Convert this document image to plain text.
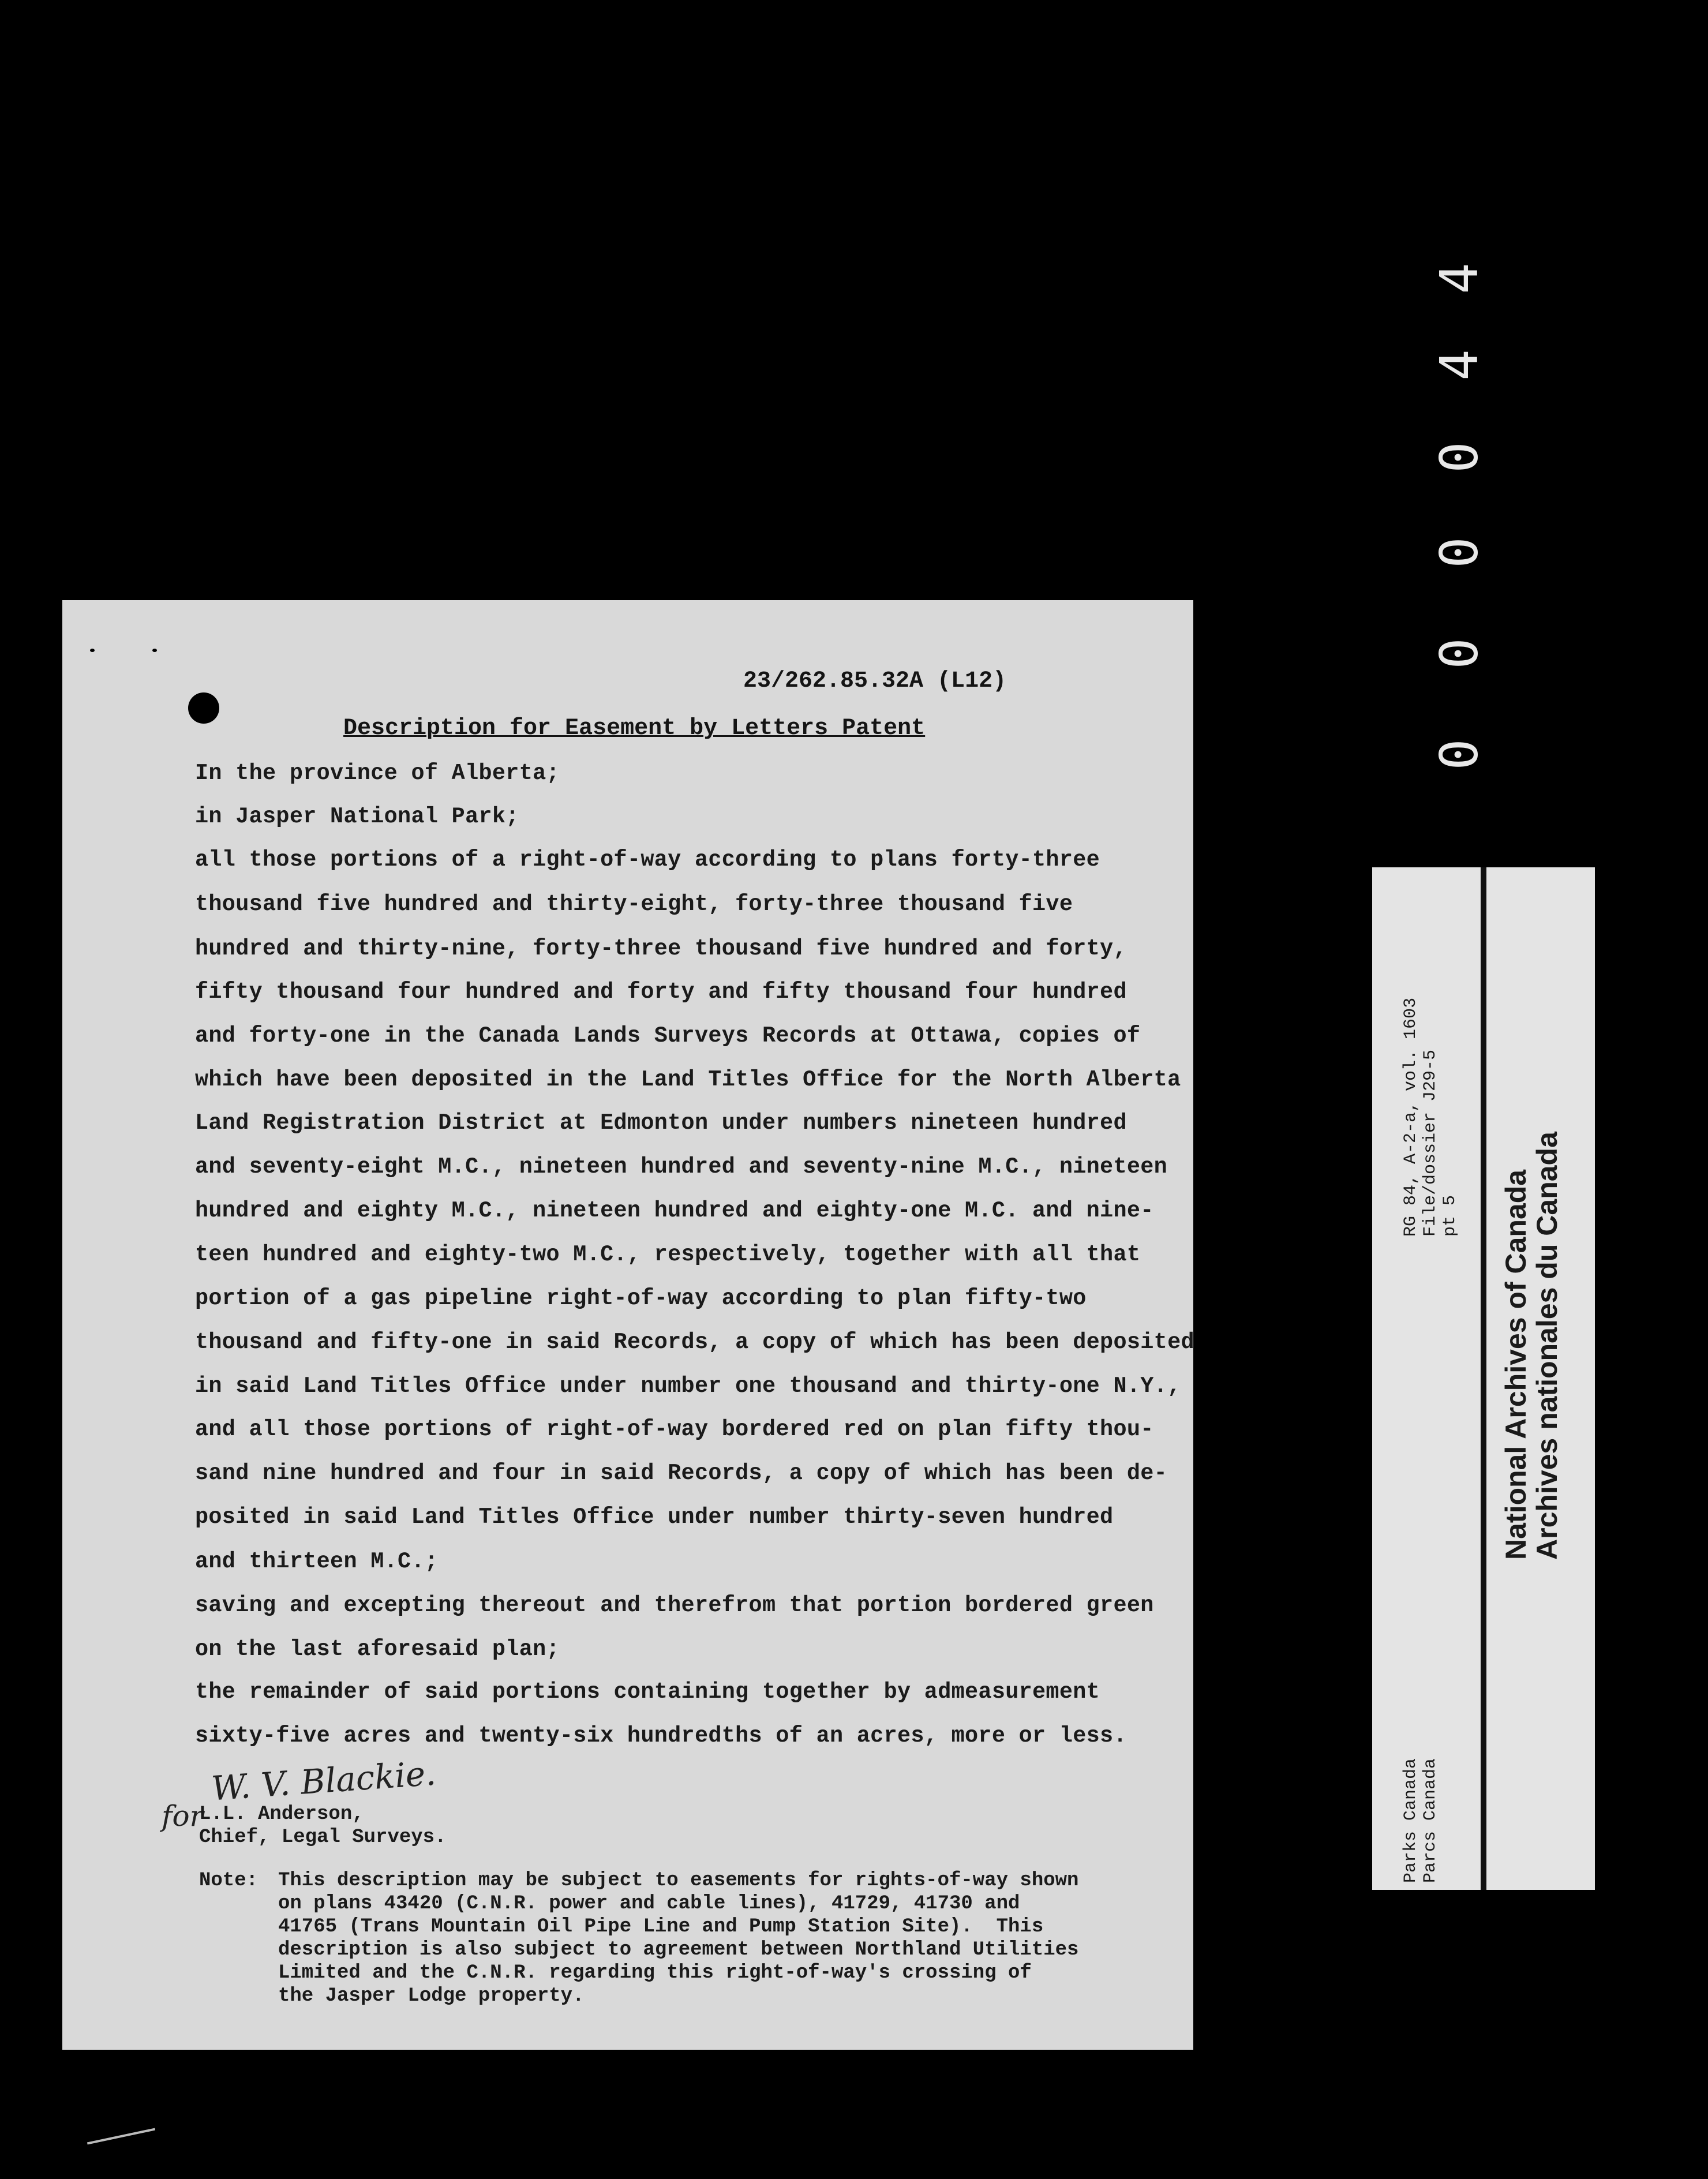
4
4
0
0
0
0
23/262.85.32A (L12)
Description for Easement by Letters Patent
In the province of Alberta;
in Jasper National Park;
all those portions of a right-of-way according to plans forty-three
thousand five hundred and thirty-eight, forty-three thousand five
hundred and thirty-nine, forty-three thousand five hundred and forty,
fifty thousand four hundred and forty and fifty thousand four hundred
and forty-one in the Canada Lands Surveys Records at Ottawa, copies of
which have been deposited in the Land Titles Office for the North Alberta
Land Registration District at Edmonton under numbers nineteen hundred
and seventy-eight M.C., nineteen hundred and seventy-nine M.C., nineteen
hundred and eighty M.C., nineteen hundred and eighty-one M.C. and nine-
teen hundred and eighty-two M.C., respectively, together with all that
portion of a gas pipeline right-of-way according to plan fifty-two
thousand and fifty-one in said Records, a copy of which has been deposited
in said Land Titles Office under number one thousand and thirty-one N.Y.,
and all those portions of right-of-way bordered red on plan fifty thou-
sand nine hundred and four in said Records, a copy of which has been de-
posited in said Land Titles Office under number thirty-seven hundred
and thirteen M.C.;
saving and excepting thereout and therefrom that portion bordered green
on the last aforesaid plan;
the remainder of said portions containing together by admeasurement
sixty-five acres and twenty-six hundredths of an acres, more or less.
W. V. Blackie.
for
L.L. Anderson,
Chief, Legal Surveys.
Note: This description may be subject to easements for rights-of-way shown
on plans 43420 (C.N.R. power and cable lines), 41729, 41730 and
41765 (Trans Mountain Oil Pipe Line and Pump Station Site).  This
description is also subject to agreement between Northland Utilities
Limited and the C.N.R. regarding this right-of-way's crossing of
the Jasper Lodge property.
RG 84, A-2-a, vol. 1603 File/dossier J29-5 pt 5
Parks Canada Parcs Canada
National Archives of Canada
Archives nationales du Canada
